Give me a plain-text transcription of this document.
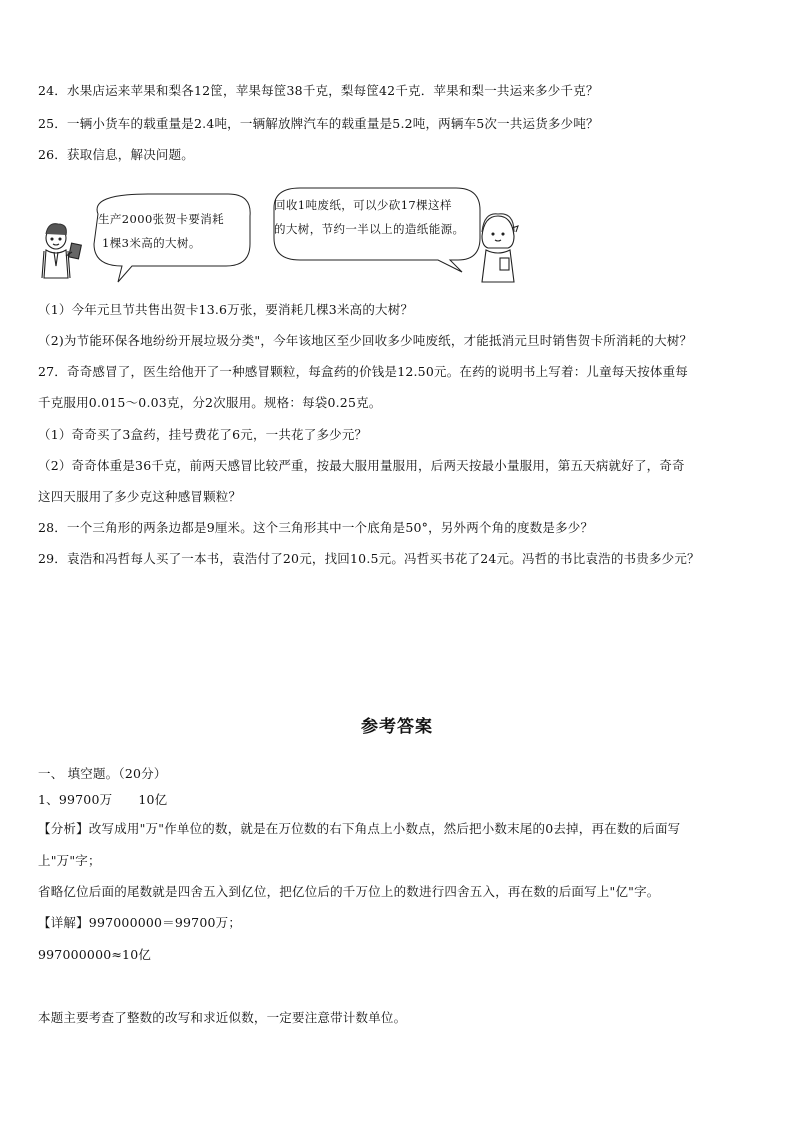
24．水果店运来苹果和梨各12筐，苹果每筐38千克，梨每筐42千克．苹果和梨一共运来多少千克？
25．一辆小货车的载重量是2.4吨，一辆解放牌汽车的载重量是5.2吨，两辆车5次一共运货多少吨？
26．获取信息，解决问题。
生产2000张贺卡要消耗
1棵3米高的大树。
回收1吨废纸，可以少砍17棵这样
的大树，节约一半以上的造纸能源。
（1）今年元旦节共售出贺卡13.6万张，要消耗几棵3米高的大树？
（2)为节能环保各地纷纷开展垃圾分类"，今年该地区至少回收多少吨废纸，才能抵消元旦时销售贺卡所消耗的大树？
27．奇奇感冒了，医生给他开了一种感冒颗粒，每盒药的价钱是12.50元。在药的说明书上写着：儿童每天按体重每
千克服用0.015～0.03克，分2次服用。规格：每袋0.25克。
（1）奇奇买了3盒药，挂号费花了6元，一共花了多少元？
（2）奇奇体重是36千克，前两天感冒比较严重，按最大服用量服用，后两天按最小量服用，第五天病就好了，奇奇
这四天服用了多少克这种感冒颗粒？
28．一个三角形的两条边都是9厘米。这个三角形其中一个底角是50°，另外两个角的度数是多少？
29．袁浩和冯哲每人买了一本书，袁浩付了20元，找回10.5元。冯哲买书花了24元。冯哲的书比袁浩的书贵多少元？
参考答案
一、 填空题。（20分）
1、99700万 10亿
【分析】改写成用"万"作单位的数，就是在万位数的右下角点上小数点，然后把小数末尾的0去掉，再在数的后面写
上"万"字；
省略亿位后面的尾数就是四舍五入到亿位，把亿位后的千万位上的数进行四舍五入，再在数的后面写上"亿"字。
【详解】997000000＝99700万；
997000000≈10亿
本题主要考查了整数的改写和求近似数，一定要注意带计数单位。
